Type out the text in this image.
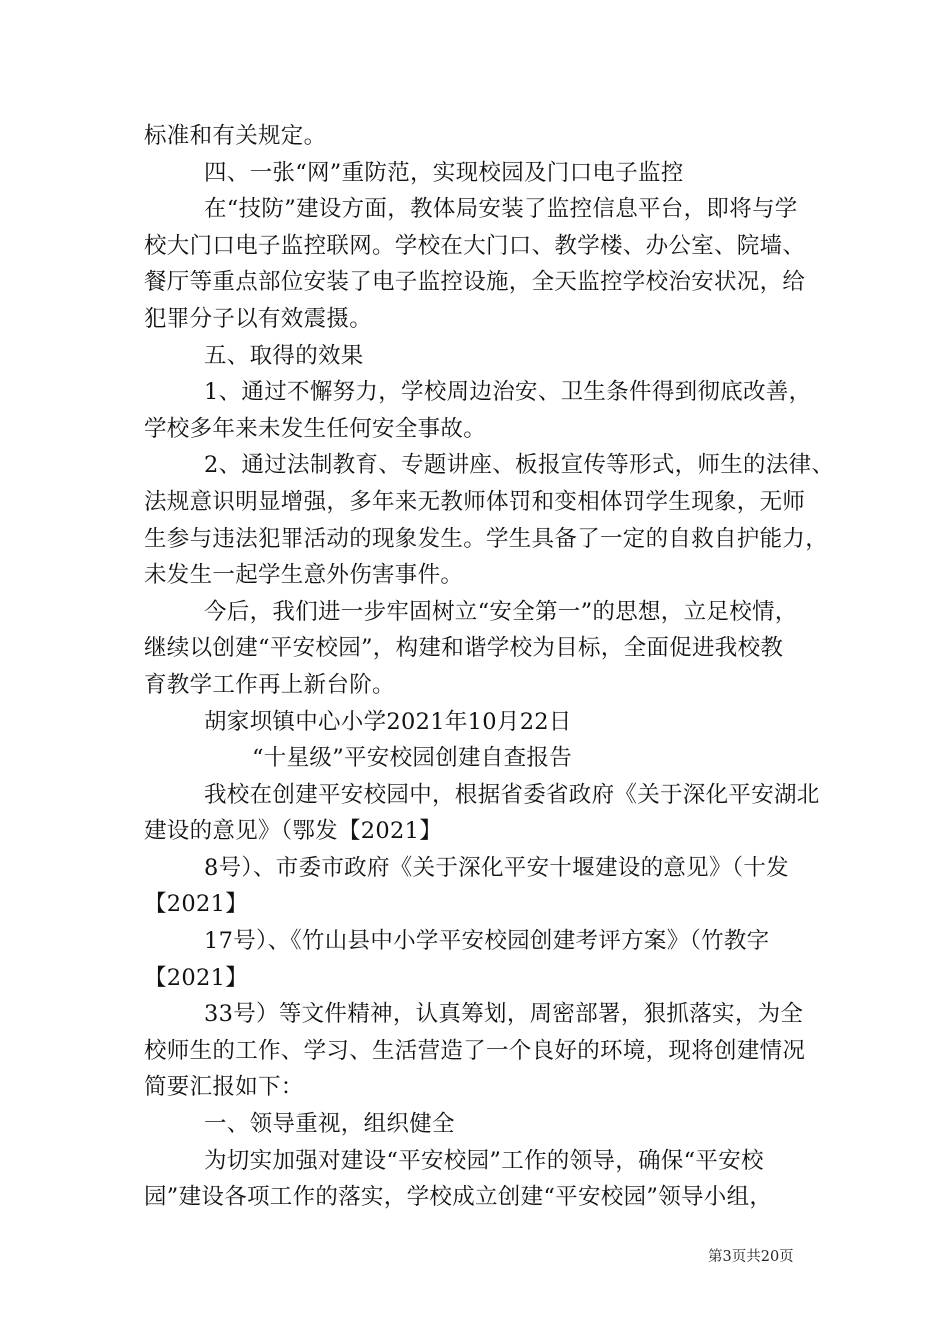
标准和有关规定。
四、一张“网”重防范，实现校园及门口电子监控
在“技防”建设方面，教体局安装了监控信息平台，即将与学
校大门口电子监控联网。学校在大门口、教学楼、办公室、院墙、
餐厅等重点部位安装了电子监控设施，全天监控学校治安状况，给
犯罪分子以有效震摄。
五、取得的效果
1、通过不懈努力，学校周边治安、卫生条件得到彻底改善，
学校多年来未发生任何安全事故。
2、通过法制教育、专题讲座、板报宣传等形式，师生的法律、
法规意识明显增强，多年来无教师体罚和变相体罚学生现象，无师
生参与违法犯罪活动的现象发生。学生具备了一定的自救自护能力，
未发生一起学生意外伤害事件。
今后，我们进一步牢固树立“安全第一”的思想，立足校情，
继续以创建“平安校园”，构建和谐学校为目标，全面促进我校教
育教学工作再上新台阶。
胡家坝镇中心小学2021年10月22日
“十星级”平安校园创建自查报告
我校在创建平安校园中，根据省委省政府《关于深化平安湖北
建设的意见》（鄂发【2021】
8号）、市委市政府《关于深化平安十堰建设的意见》（十发
【2021】
17号）、《竹山县中小学平安校园创建考评方案》（竹教字
【2021】
33号）等文件精神，认真筹划，周密部署，狠抓落实，为全
校师生的工作、学习、生活营造了一个良好的环境，现将创建情况
简要汇报如下：
一、领导重视，组织健全
为切实加强对建设“平安校园”工作的领导，确保“平安校
园”建设各项工作的落实，学校成立创建“平安校园”领导小组，
第3页共20页
